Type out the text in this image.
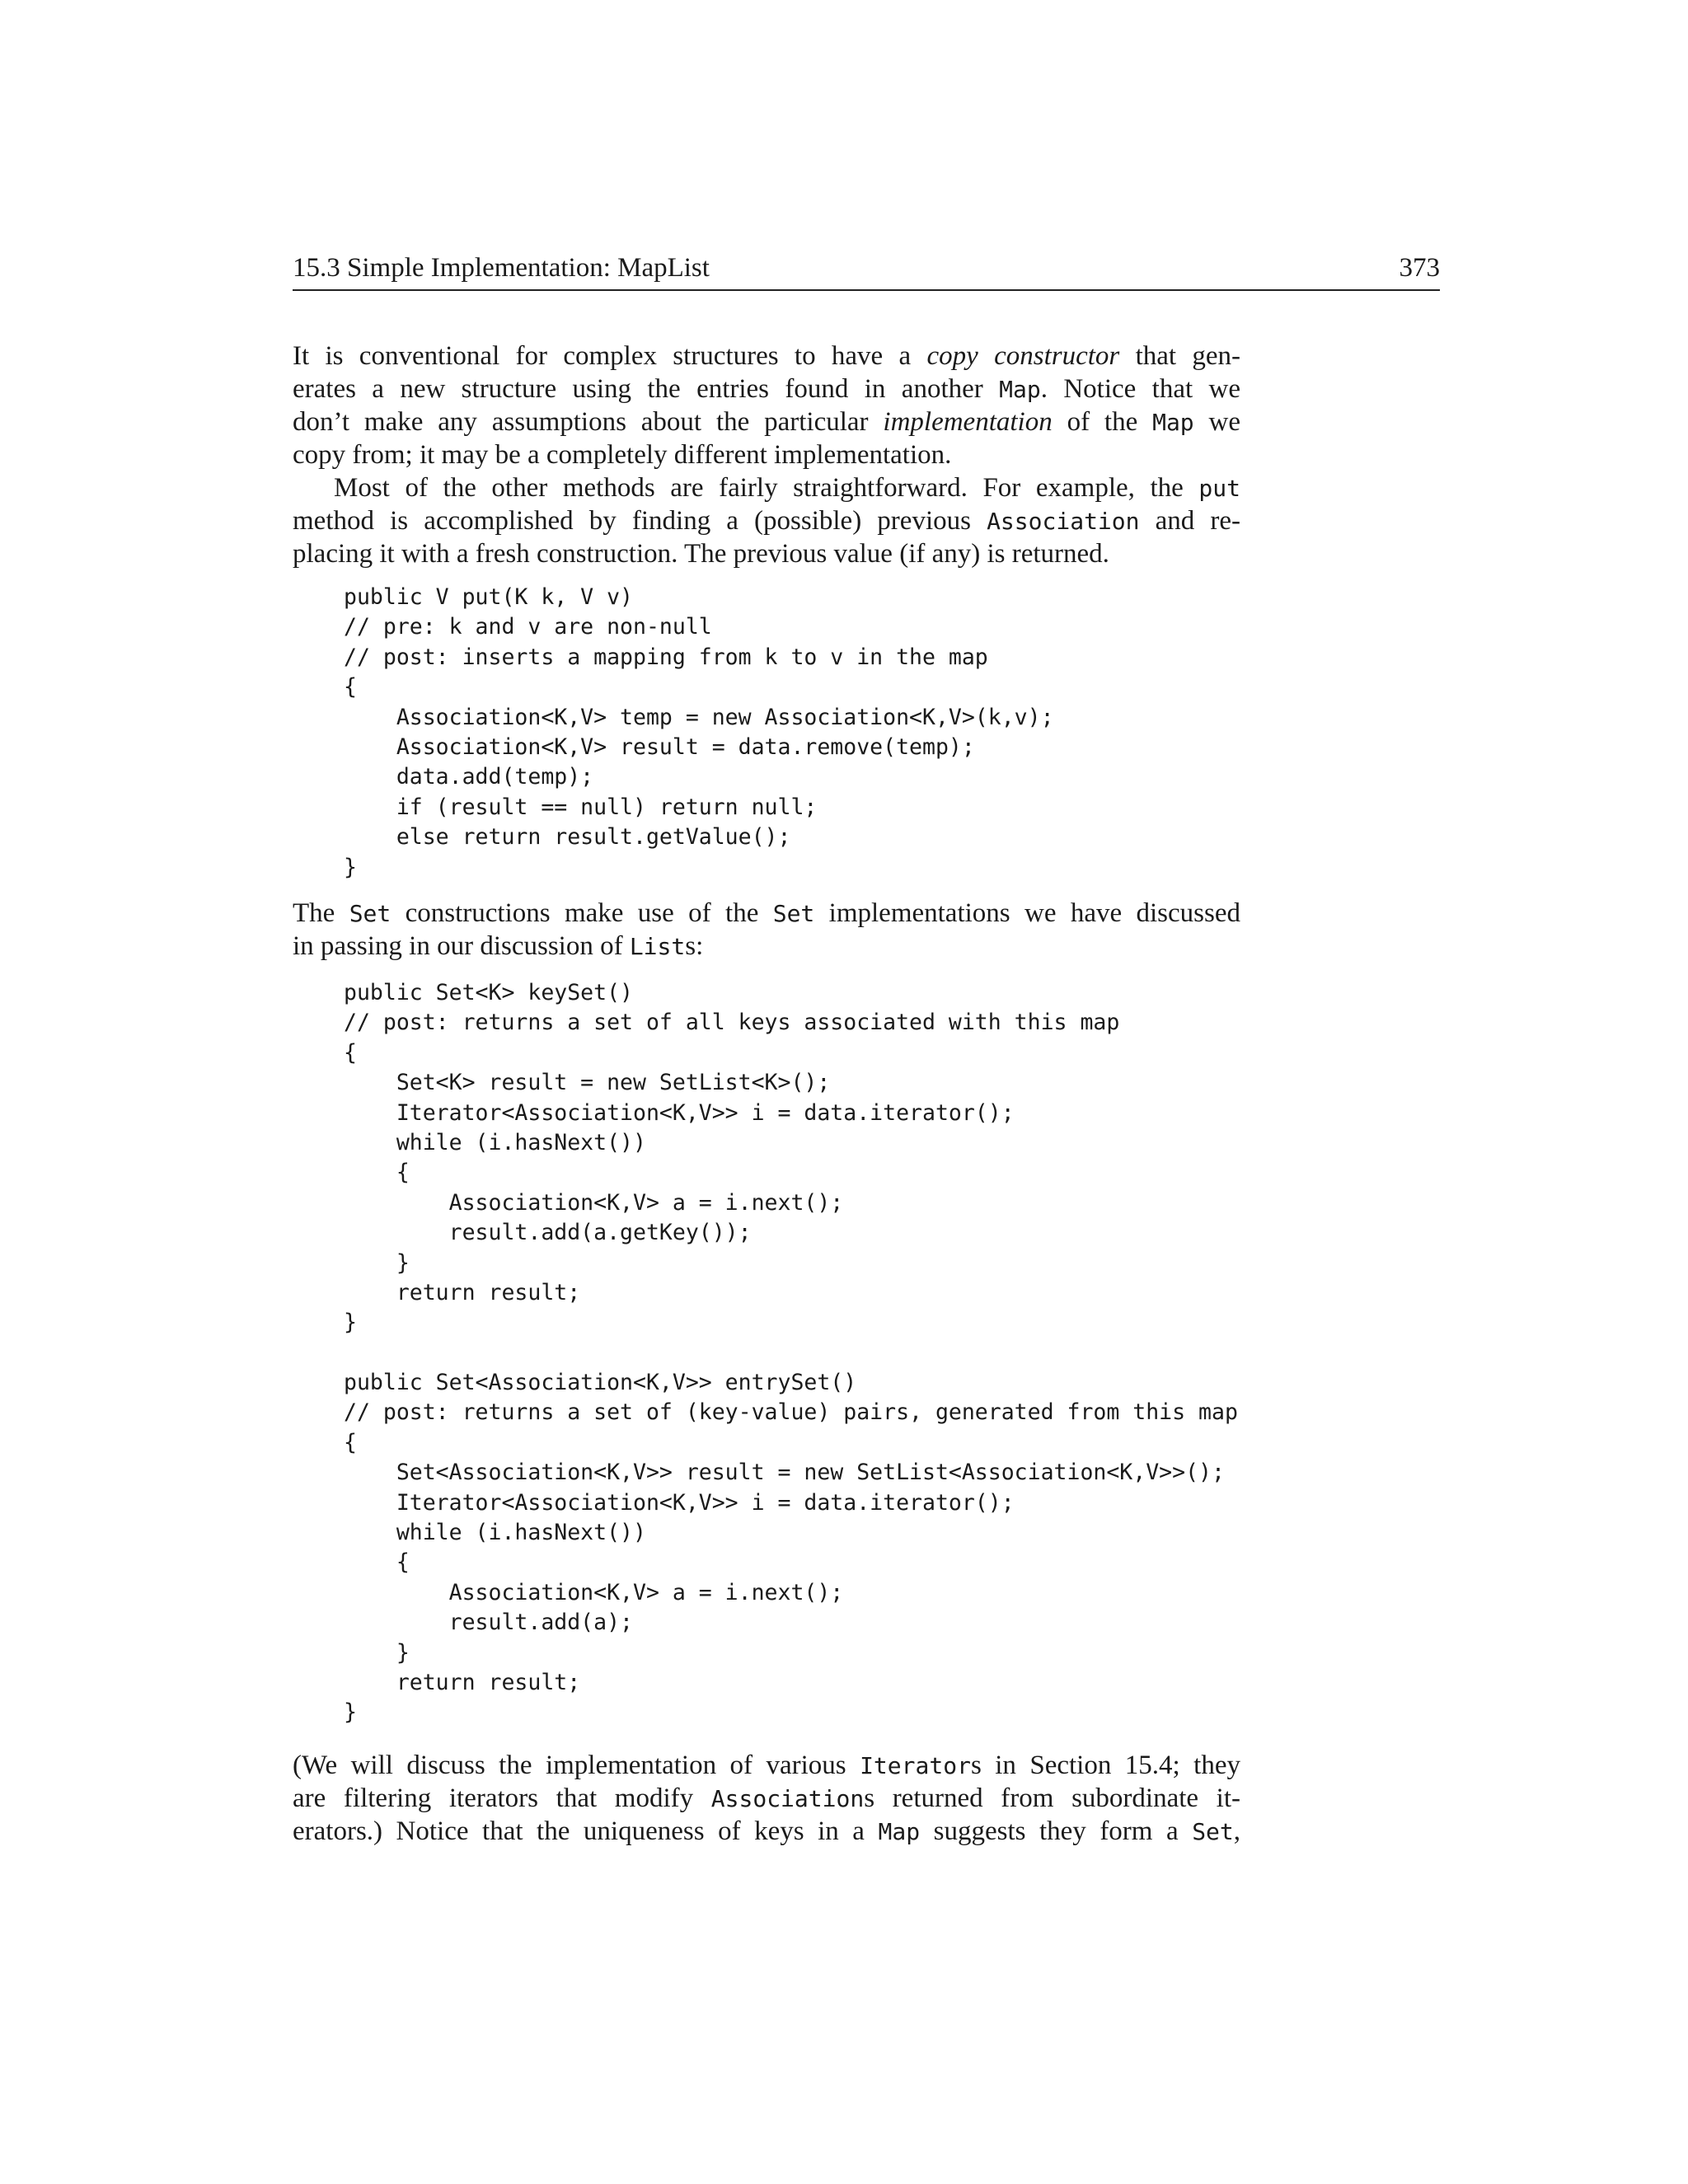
15.3 Simple Implementation: MapList	373
It is conventional for complex structures to have a copy constructor that gen-
erates a new structure using the entries found in another Map. Notice that we
don’t make any assumptions about the particular implementation of the Map we
copy from; it may be a completely different implementation.
Most of the other methods are fairly straightforward. For example, the put
method is accomplished by finding a (possible) previous Association and re-
placing it with a fresh construction. The previous value (if any) is returned.
public V put(K k, V v)
// pre: k and v are non-null
// post: inserts a mapping from k to v in the map
{
Association<K,V> temp = new Association<K,V>(k,v);
Association<K,V> result = data.remove(temp);
data.add(temp);
if (result == null) return null;
else return result.getValue();
}
The Set constructions make use of the Set implementations we have discussed
in passing in our discussion of Lists:
public Set<K> keySet()
// post: returns a set of all keys associated with this map
{
Set<K> result = new SetList<K>();
Iterator<Association<K,V>> i = data.iterator();
while (i.hasNext())
{
Association<K,V> a = i.next();
result.add(a.getKey());
}
return result;
}
public Set<Association<K,V>> entrySet()
// post: returns a set of (key-value) pairs, generated from this map
{
Set<Association<K,V>> result = new SetList<Association<K,V>>();
Iterator<Association<K,V>> i = data.iterator();
while (i.hasNext())
{
Association<K,V> a = i.next();
result.add(a);
}
return result;
}
(We will discuss the implementation of various Iterators in Section 15.4; they
are filtering iterators that modify Associations returned from subordinate it-
erators.) Notice that the uniqueness of keys in a Map suggests they form a Set,
